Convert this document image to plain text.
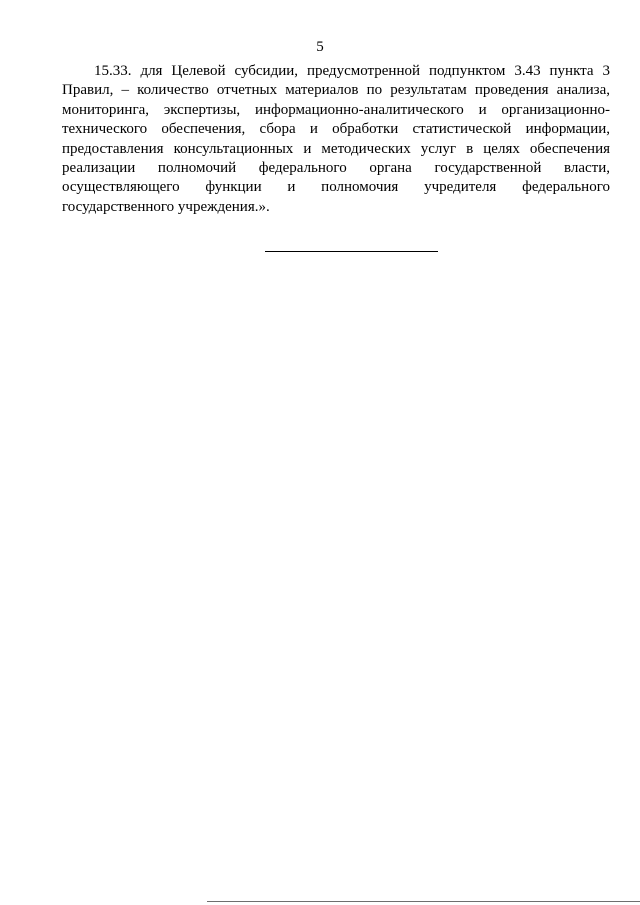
5

15.33. для Целевой субсидии, предусмотренной подпунктом 3.43 пункта 3
Правил, – количество отчетных материалов по результатам проведения анализа,
мониторинга, экспертизы, информационно-аналитического и организационно-
технического обеспечения, сбора и обработки статистической информации,
предоставления консультационных и методических услуг в целях обеспечения
реализации полномочий федерального органа государственной власти,
осуществляющего функции и полномочия учредителя федерального
государственного учреждения.».
